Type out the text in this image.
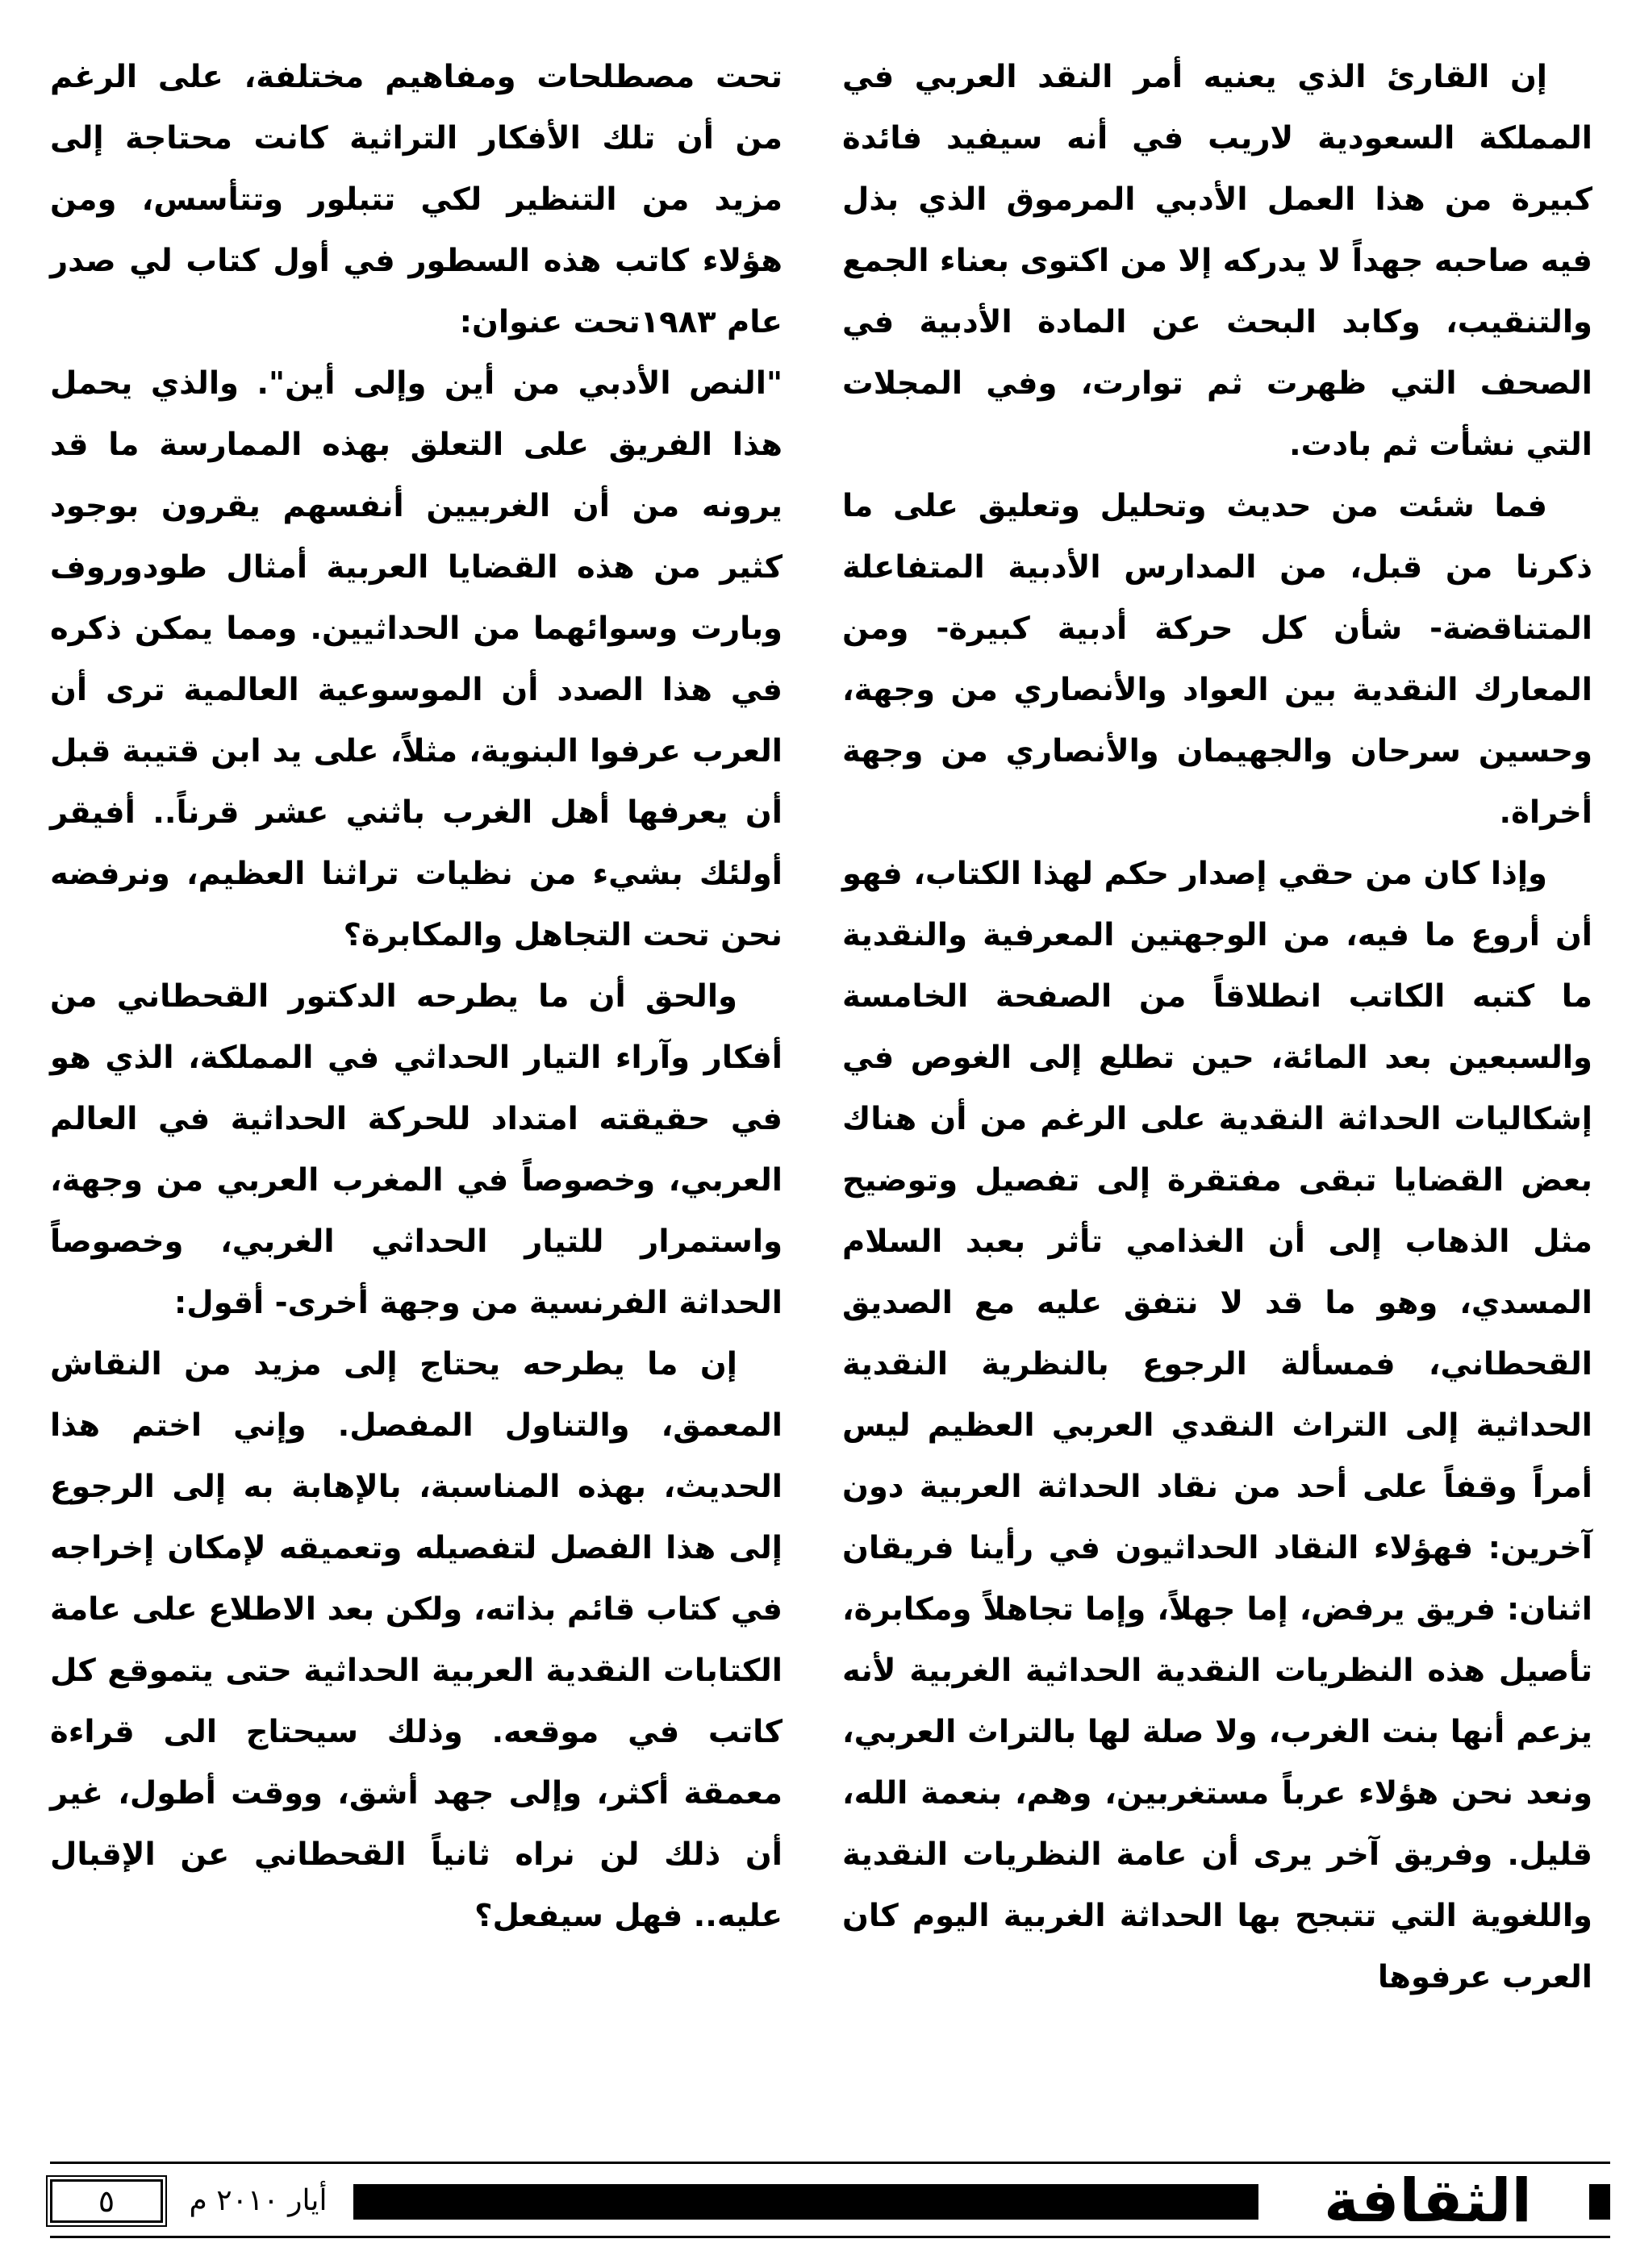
إن القارئ الذي يعنيه أمر النقد العربي في المملكة السعودية لاريب في أنه سيفيد فائدة كبيرة من هذا العمل الأدبي المرموق الذي بذل فيه صاحبه جهداً لا يدركه إلا من اكتوى بعناء الجمع والتنقيب، وكابد البحث عن المادة الأدبية في الصحف التي ظهرت ثم توارت، وفي المجلات التي نشأت ثم بادت.

فما شئت من حديث وتحليل وتعليق على ما ذكرنا من قبل، من المدارس الأدبية المتفاعلة المتناقضة- شأن كل حركة أدبية كبيرة- ومن المعارك النقدية بين العواد والأنصاري من وجهة، وحسين سرحان والجهيمان والأنصاري من وجهة أخراة.

وإذا كان من حقي إصدار حكم لهذا الكتاب، فهو أن أروع ما فيه، من الوجهتين المعرفية والنقدية ما كتبه الكاتب انطلاقاً من الصفحة الخامسة والسبعين بعد المائة، حين تطلع إلى الغوص في إشكاليات الحداثة النقدية على الرغم من أن هناك بعض القضايا تبقى مفتقرة إلى تفصيل وتوضيح مثل الذهاب إلى أن الغذامي تأثر بعبد السلام المسدي، وهو ما قد لا نتفق عليه مع الصديق القحطاني، فمسألة الرجوع بالنظرية النقدية الحداثية إلى التراث النقدي العربي العظيم ليس أمراً وقفاً على أحد من نقاد الحداثة العربية دون آخرين: فهؤلاء النقاد الحداثيون في رأينا فريقان اثنان: فريق يرفض، إما جهلاً، وإما تجاهلاً ومكابرة، تأصيل هذه النظريات النقدية الحداثية الغربية لأنه يزعم أنها بنت الغرب، ولا صلة لها بالتراث العربي، ونعد نحن هؤلاء عرباً مستغربين، وهم، بنعمة الله، قليل. وفريق آخر يرى أن عامة النظريات النقدية واللغوية التي تتبجح بها الحداثة الغربية اليوم كان العرب عرفوها

تحت مصطلحات ومفاهيم مختلفة، على الرغم من أن تلك الأفكار التراثية كانت محتاجة إلى مزيد من التنظير لكي تتبلور وتتأسس، ومن هؤلاء كاتب هذه السطور في أول كتاب لي صدر عام ١٩٨٣تحت عنوان:

"النص الأدبي من أين وإلى أين". والذي يحمل هذا الفريق على التعلق بهذه الممارسة ما قد يرونه من أن الغربيين أنفسهم يقرون بوجود كثير من هذه القضايا العربية أمثال طودوروف وبارت وسوائهما من الحداثيين. ومما يمكن ذكره في هذا الصدد أن الموسوعية العالمية ترى أن العرب عرفوا البنوية، مثلاً، على يد ابن قتيبة قبل أن يعرفها أهل الغرب باثني عشر قرناً.. أفيقر أولئك بشيء من نظيات تراثنا العظيم، ونرفضه نحن تحت التجاهل والمكابرة؟

والحق أن ما يطرحه الدكتور القحطاني من أفكار وآراء التيار الحداثي في المملكة، الذي هو في حقيقته امتداد للحركة الحداثية في العالم العربي، وخصوصاً في المغرب العربي من وجهة، واستمرار للتيار الحداثي الغربي، وخصوصاً الحداثة الفرنسية من وجهة أخرى- أقول:

إن ما يطرحه يحتاج إلى مزيد من النقاش المعمق، والتناول المفصل. وإني اختم هذا الحديث، بهذه المناسبة، بالإهابة به إلى الرجوع إلى هذا الفصل لتفصيله وتعميقه لإمكان إخراجه في كتاب قائم بذاته، ولكن بعد الاطلاع على عامة الكتابات النقدية العربية الحداثية حتى يتموقع كل كاتب في موقعه. وذلك سيحتاج الى قراءة معمقة أكثر، وإلى جهد أشق، ووقت أطول، غير أن ذلك لن نراه ثانياً القحطاني عن الإقبال عليه.. فهل سيفعل؟

الثقافة
أيار ٢٠١٠ م
٥
